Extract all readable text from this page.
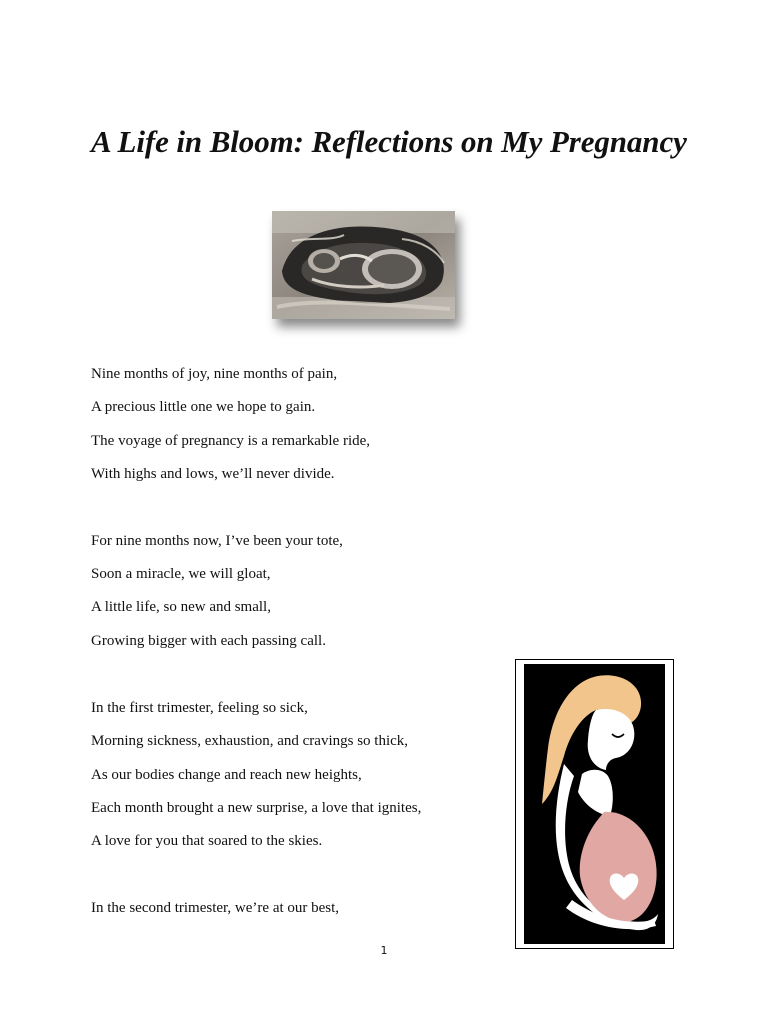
A Life in Bloom: Reflections on My Pregnancy
Nine months of joy, nine months of pain,
A precious little one we hope to gain.
The voyage of pregnancy is a remarkable ride,
With highs and lows, we’ll never divide.
For nine months now, I’ve been your tote,
Soon a miracle, we will gloat,
A little life, so new and small,
Growing bigger with each passing call.
In the first trimester, feeling so sick,
Morning sickness, exhaustion, and cravings so thick,
As our bodies change and reach new heights,
Each month brought a new surprise, a love that ignites,
A love for you that soared to the skies.
In the second trimester, we’re at our best,
1
